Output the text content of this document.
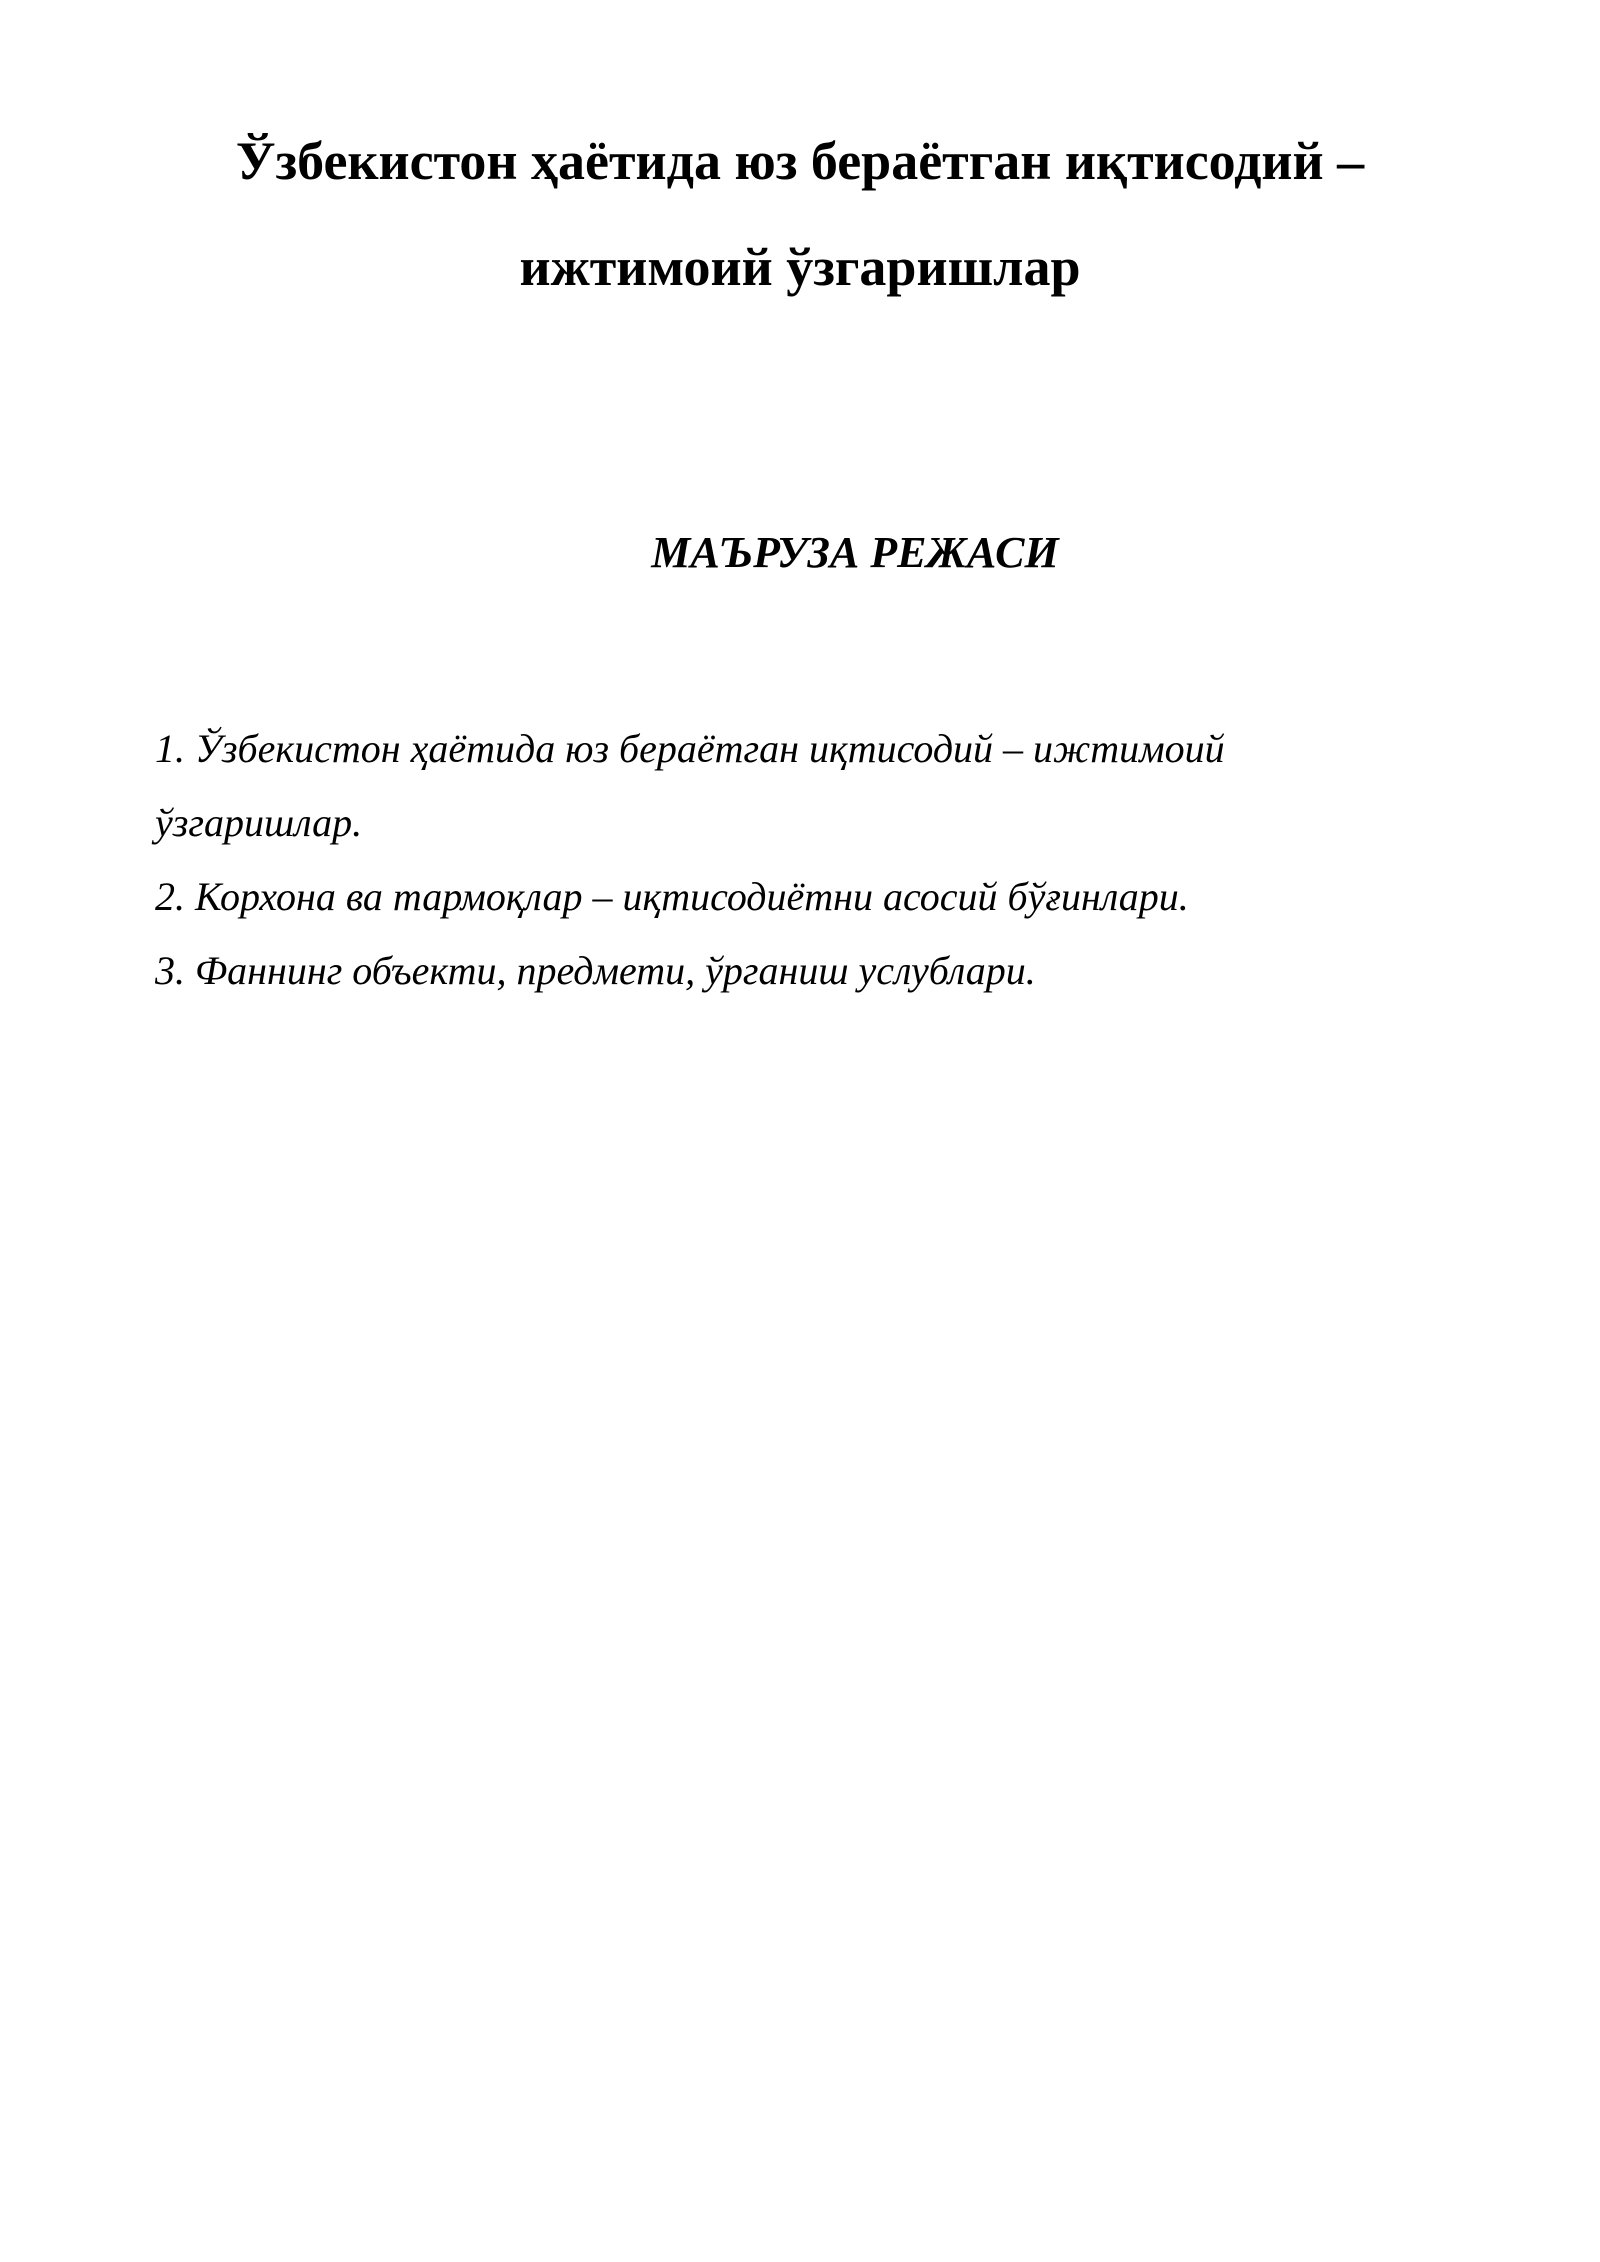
Ўзбекистон ҳаётида юз бераётган иқтисодий –
ижтимоий ўзгаришлар
МАЪРУЗА РЕЖАСИ
1. Ўзбекистон ҳаётида юз бераётган иқтисодий – ижтимоий
ўзгаришлар.
2. Корхона ва тармоқлар – иқтисодиётни асосий бўғинлари.
3. Фаннинг объекти, предмети, ўрганиш услублари.
